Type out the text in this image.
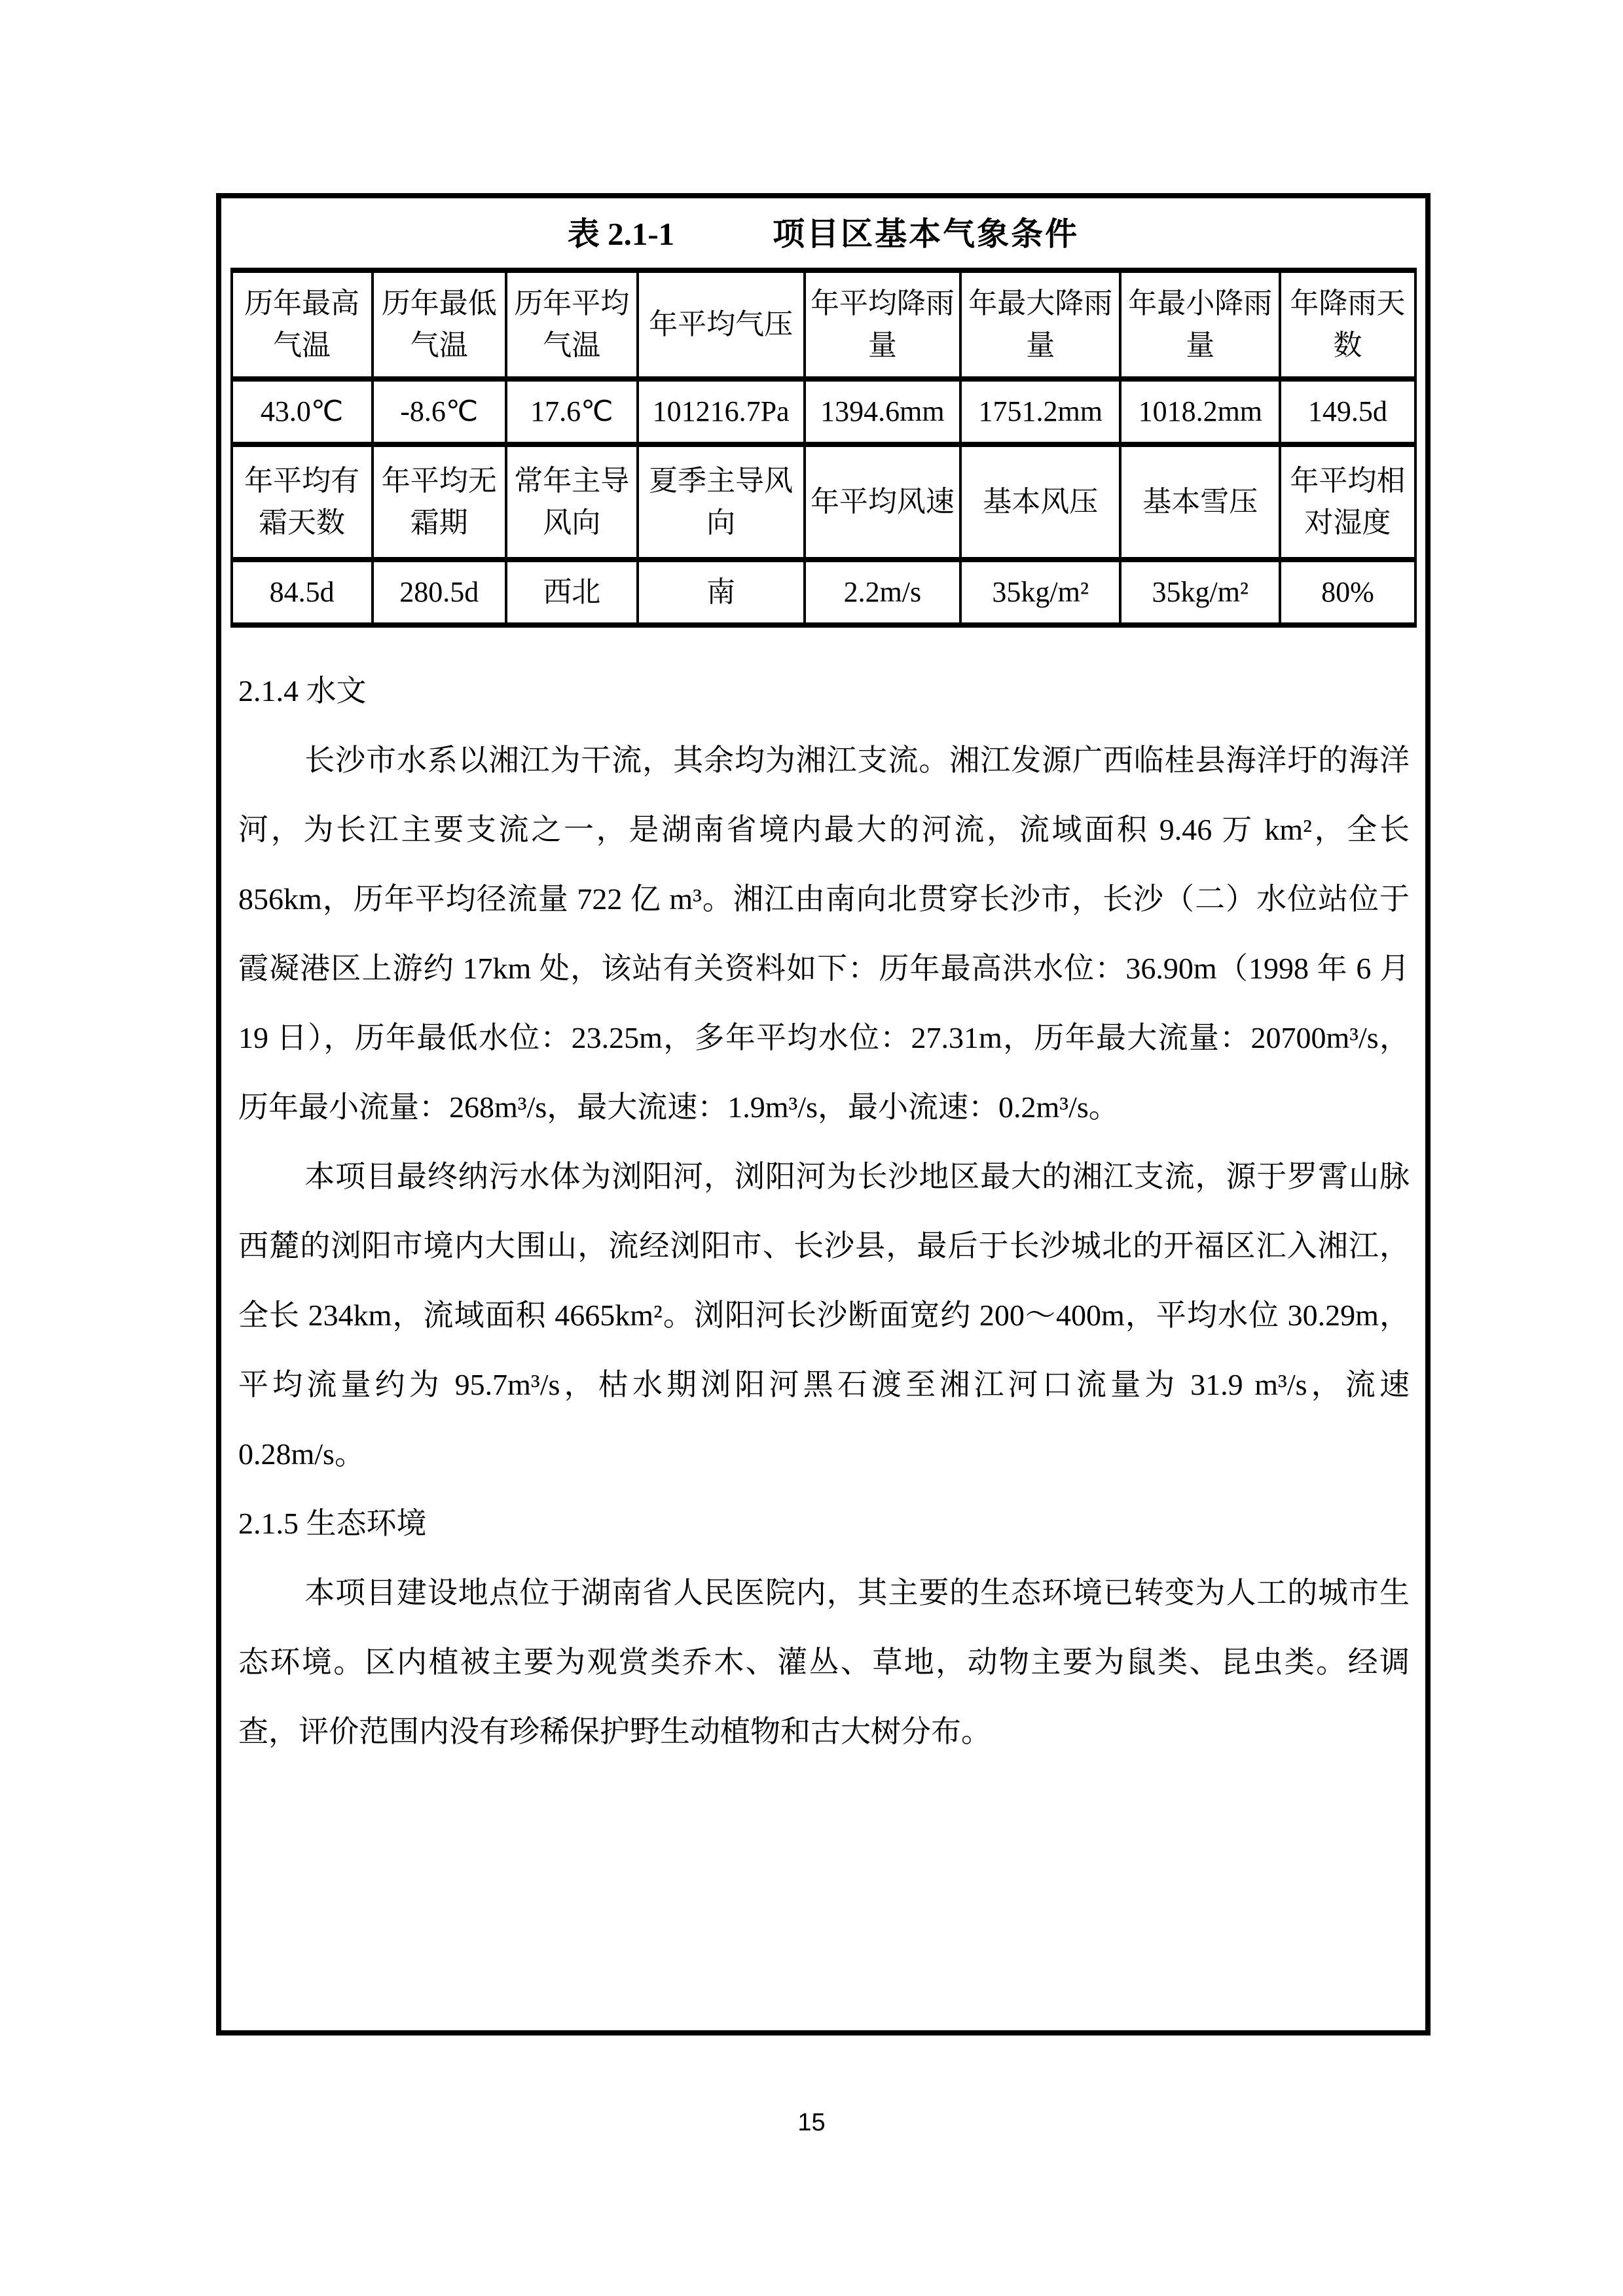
表 2.1-1	项目区基本气象条件
历年最高气温	历年最低气温	历年平均气温	年平均气压	年平均降雨量	年最大降雨量	年最小降雨量	年降雨天数
43.0℃	-8.6℃	17.6℃	101216.7Pa	1394.6mm	1751.2mm	1018.2mm	149.5d
年平均有霜天数	年平均无霜期	常年主导风向	夏季主导风向	年平均风速	基本风压	基本雪压	年平均相对湿度
84.5d	280.5d	西北	南	2.2m/s	35kg/m²	35kg/m²	80%
2.1.4 水文

长沙市水系以湘江为干流，其余均为湘江支流。湘江发源广西临桂县海洋圩的海洋河，为长江主要支流之一，是湖南省境内最大的河流，流域面积 9.46 万 km²，全长 856km，历年平均径流量 722 亿 m³。湘江由南向北贯穿长沙市，长沙（二）水位站位于霞凝港区上游约 17km 处，该站有关资料如下：历年最高洪水位：36.90m（1998 年 6 月 19 日），历年最低水位：23.25m，多年平均水位：27.31m，历年最大流量：20700m³/s，历年最小流量：268m³/s，最大流速：1.9m³/s，最小流速：0.2m³/s。

本项目最终纳污水体为浏阳河，浏阳河为长沙地区最大的湘江支流，源于罗霄山脉西麓的浏阳市境内大围山，流经浏阳市、长沙县，最后于长沙城北的开福区汇入湘江，全长 234km，流域面积 4665km²。浏阳河长沙断面宽约 200～400m，平均水位 30.29m，平均流量约为 95.7m³/s，枯水期浏阳河黑石渡至湘江河口流量为 31.9 m³/s，流速 0.28m/s。

2.1.5 生态环境

本项目建设地点位于湖南省人民医院内，其主要的生态环境已转变为人工的城市生态环境。区内植被主要为观赏类乔木、灌丛、草地，动物主要为鼠类、昆虫类。经调查，评价范围内没有珍稀保护野生动植物和古大树分布。

15
